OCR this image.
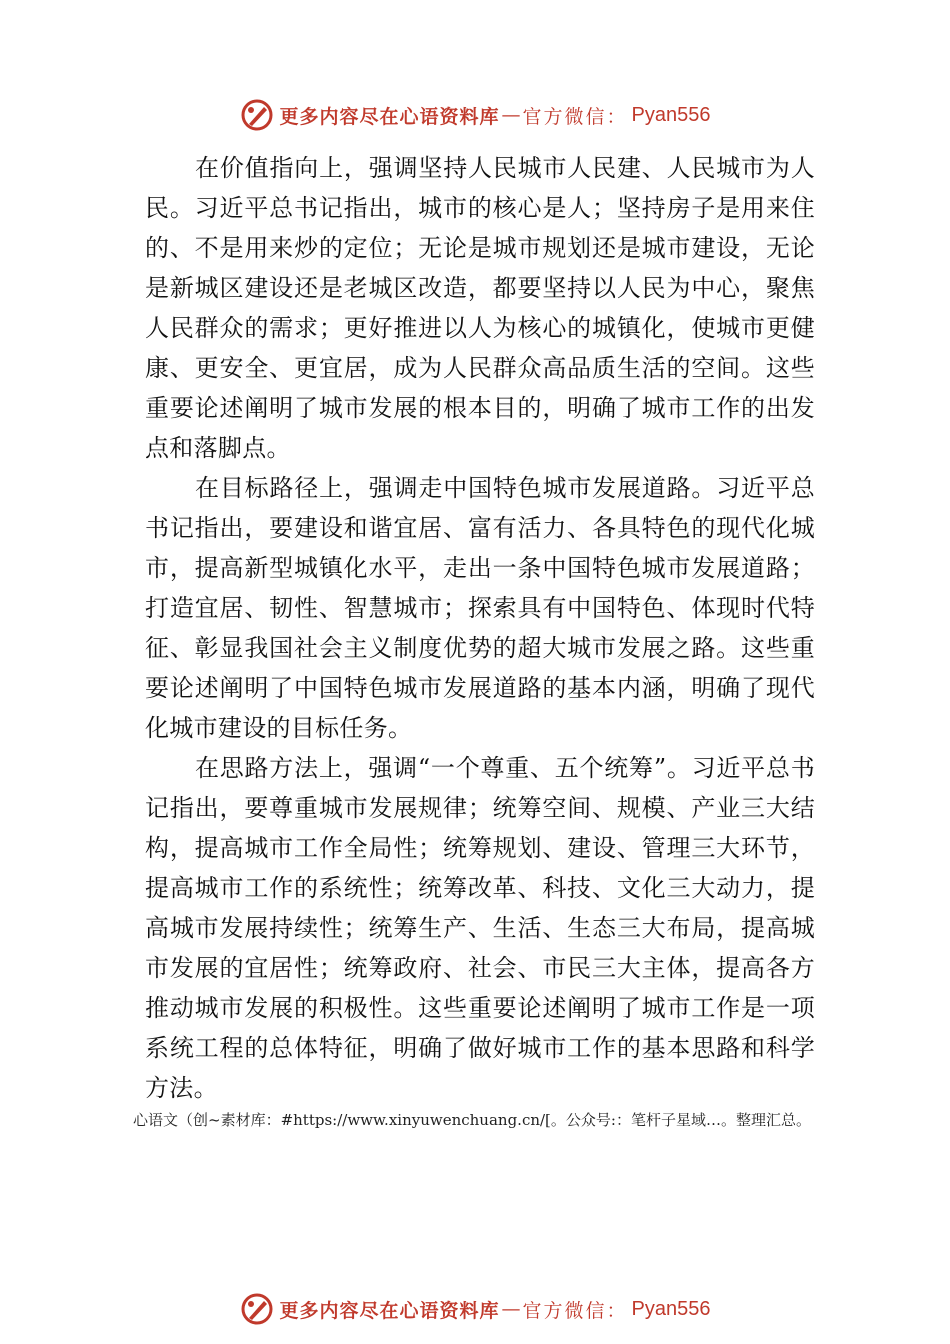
更多内容尽在心语资料库 — 官方微信： Pyan556

在价值指向上，强调坚持人民城市人民建、人民城市为人民。习近平总书记指出，城市的核心是人；坚持房子是用来住的、不是用来炒的定位；无论是城市规划还是城市建设，无论是新城区建设还是老城区改造，都要坚持以人民为中心，聚焦人民群众的需求；更好推进以人为核心的城镇化，使城市更健康、更安全、更宜居，成为人民群众高品质生活的空间。这些重要论述阐明了城市发展的根本目的，明确了城市工作的出发点和落脚点。

在目标路径上，强调走中国特色城市发展道路。习近平总书记指出，要建设和谐宜居、富有活力、各具特色的现代化城市，提高新型城镇化水平，走出一条中国特色城市发展道路；打造宜居、韧性、智慧城市；探索具有中国特色、体现时代特征、彰显我国社会主义制度优势的超大城市发展之路。这些重要论述阐明了中国特色城市发展道路的基本内涵，明确了现代化城市建设的目标任务。

在思路方法上，强调“一个尊重、五个统筹”。习近平总书记指出，要尊重城市发展规律；统筹空间、规模、产业三大结构，提高城市工作全局性；统筹规划、建设、管理三大环节，提高城市工作的系统性；统筹改革、科技、文化三大动力，提高城市发展持续性；统筹生产、生活、生态三大布局，提高城市发展的宜居性；统筹政府、社会、市民三大主体，提高各方推动城市发展的积极性。这些重要论述阐明了城市工作是一项系统工程的总体特征，明确了做好城市工作的基本思路和科学方法。

心语文（创~素材库：#https://www.xinyuwenchuang.cn/[。公众号:：笔杆子星域…。整理汇总。
更多内容尽在心语资料库 — 官方微信： Pyan556
